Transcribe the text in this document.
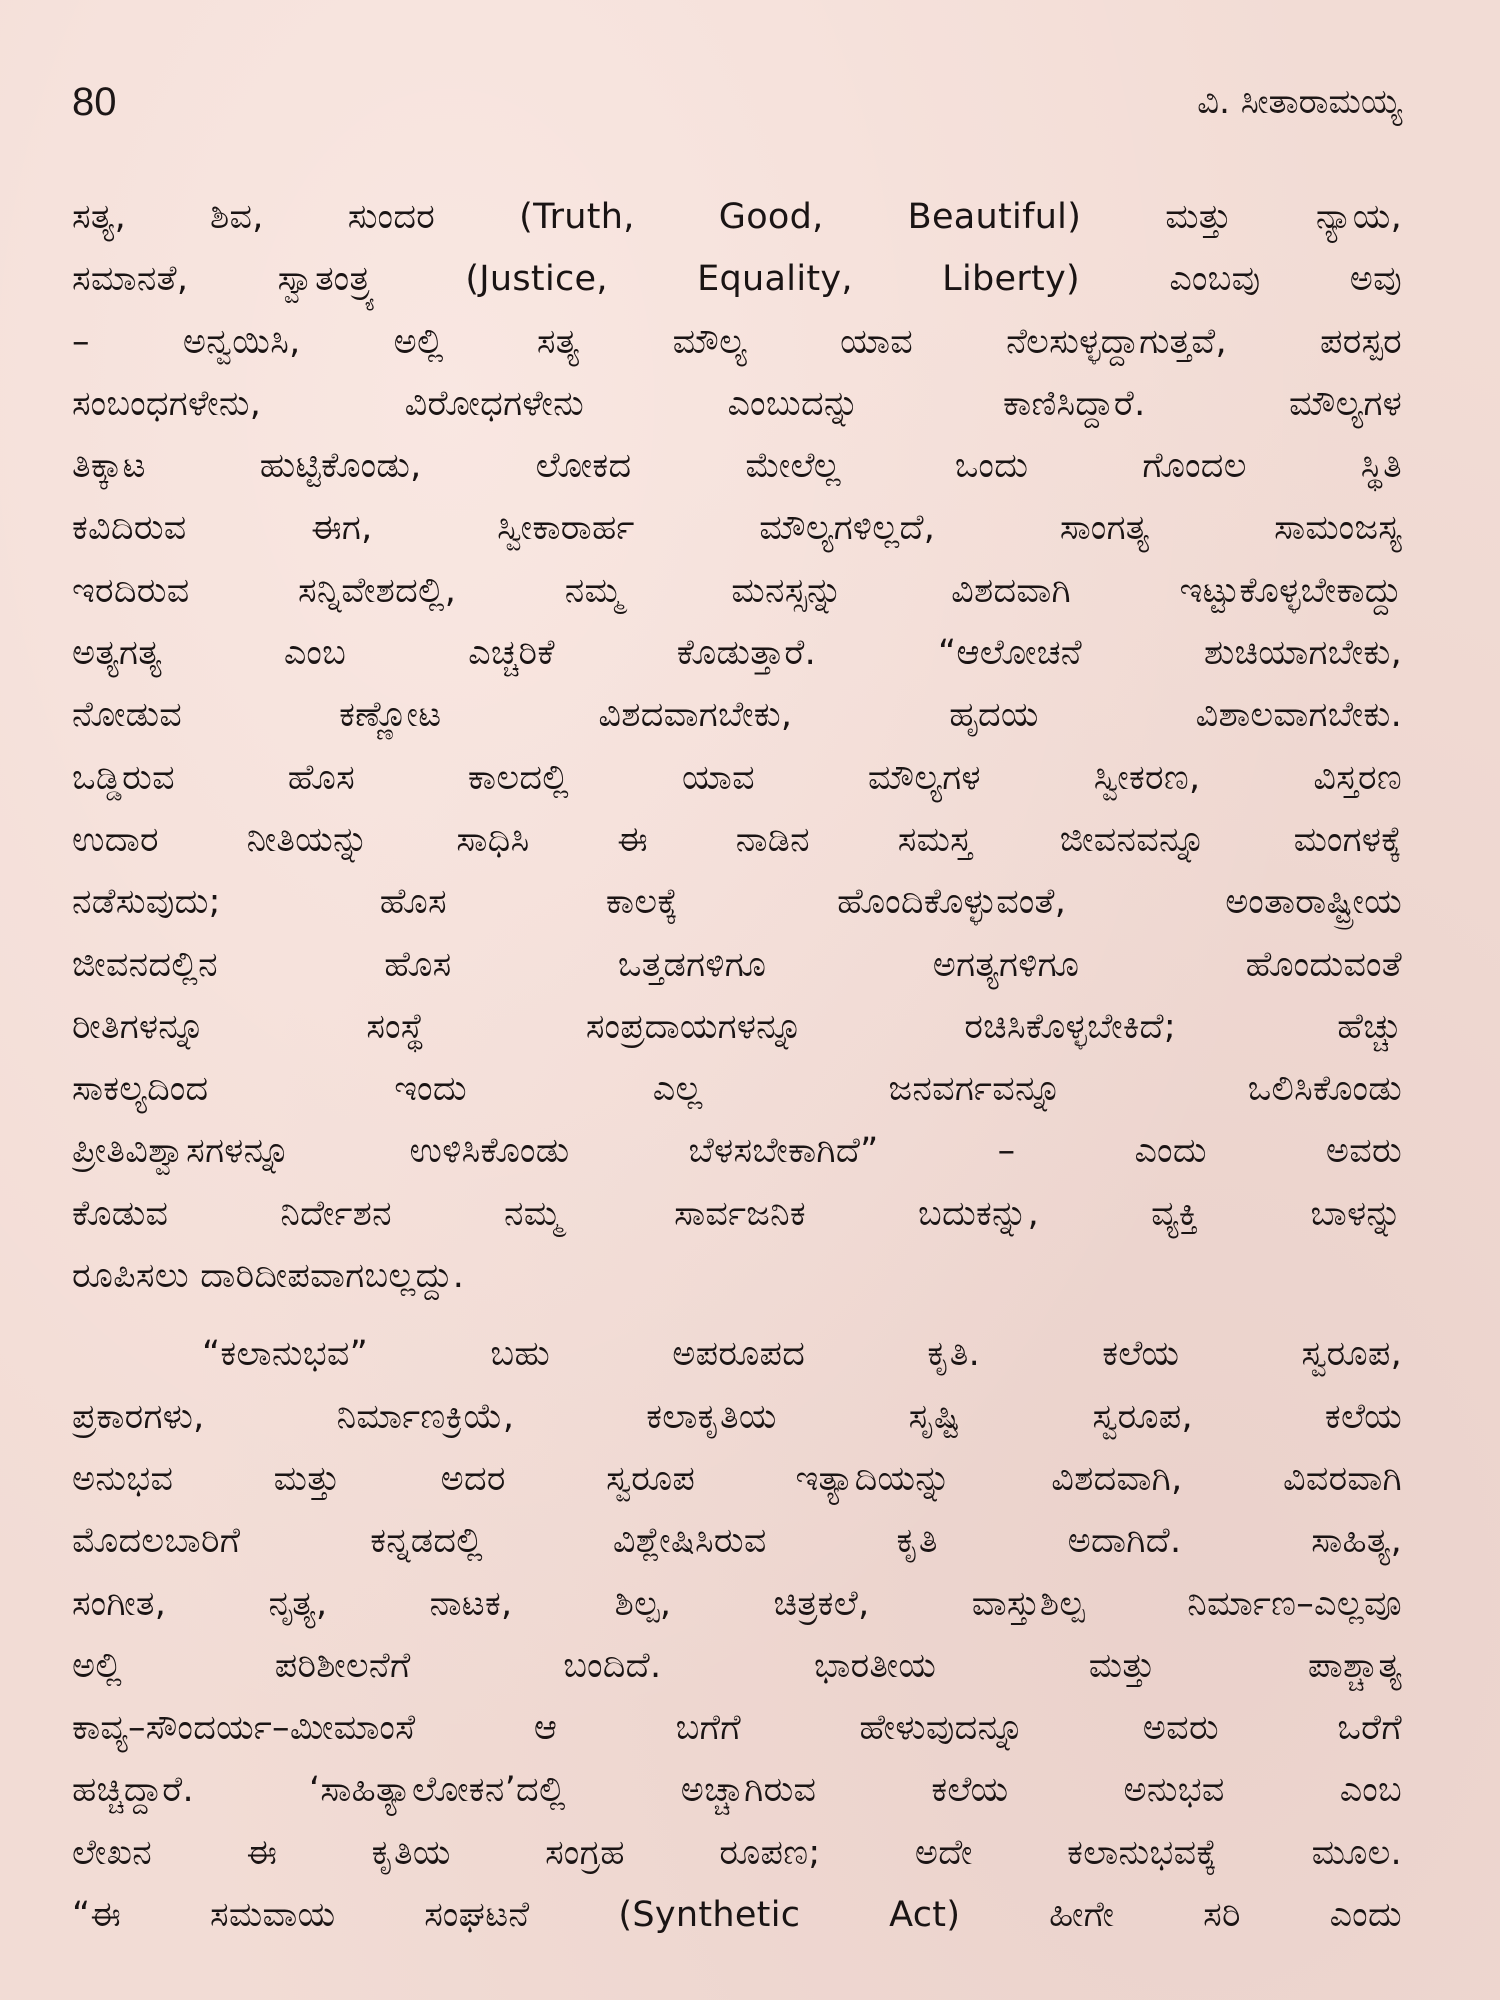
80	ವಿ. ಸೀತಾರಾಮಯ್ಯ
ಸತ್ಯ, ಶಿವ, ಸುಂದರ (Truth, Good, Beautiful) ಮತ್ತು ನ್ಯಾಯ,
ಸಮಾನತೆ, ಸ್ವಾತಂತ್ರ್ಯ (Justice, Equality, Liberty) ಎಂಬವು ಅವು
– ಅನ್ವಯಿಸಿ, ಅಲ್ಲಿ ಸತ್ಯ ಮೌಲ್ಯ ಯಾವ ನೆಲಸುಳ್ಳದ್ದಾಗುತ್ತವೆ, ಪರಸ್ಪರ
ಸಂಬಂಧಗಳೇನು, ವಿರೋಧಗಳೇನು ಎಂಬುದನ್ನು ಕಾಣಿಸಿದ್ದಾರೆ. ಮೌಲ್ಯಗಳ
ತಿಕ್ಕಾಟ ಹುಟ್ಟಿಕೊಂಡು, ಲೋಕದ ಮೇಲೆಲ್ಲ ಒಂದು ಗೊಂದಲ ಸ್ಥಿತಿ
ಕವಿದಿರುವ ಈಗ, ಸ್ವೀಕಾರಾರ್ಹ ಮೌಲ್ಯಗಳಿಲ್ಲದೆ, ಸಾಂಗತ್ಯ ಸಾಮಂಜಸ್ಯ
ಇರದಿರುವ ಸನ್ನಿವೇಶದಲ್ಲಿ, ನಮ್ಮ ಮನಸ್ಸನ್ನು ವಿಶದವಾಗಿ ಇಟ್ಟುಕೊಳ್ಳಬೇಕಾದ್ದು
ಅತ್ಯಗತ್ಯ ಎಂಬ ಎಚ್ಚರಿಕೆ ಕೊಡುತ್ತಾರೆ. “ಆಲೋಚನೆ ಶುಚಿಯಾಗಬೇಕು,
ನೋಡುವ ಕಣ್ಣೋಟ ವಿಶದವಾಗಬೇಕು, ಹೃದಯ ವಿಶಾಲವಾಗಬೇಕು.
ಒಡ್ಡಿರುವ ಹೊಸ ಕಾಲದಲ್ಲಿ ಯಾವ ಮೌಲ್ಯಗಳ ಸ್ವೀಕರಣ, ವಿಸ್ತರಣ
ಉದಾರ ನೀತಿಯನ್ನು ಸಾಧಿಸಿ ಈ ನಾಡಿನ ಸಮಸ್ತ ಜೀವನವನ್ನೂ ಮಂಗಳಕ್ಕೆ
ನಡೆಸುವುದು; ಹೊಸ ಕಾಲಕ್ಕೆ ಹೊಂದಿಕೊಳ್ಳುವಂತೆ, ಅಂತಾರಾಷ್ಟ್ರೀಯ
ಜೀವನದಲ್ಲಿನ ಹೊಸ ಒತ್ತಡಗಳಿಗೂ ಅಗತ್ಯಗಳಿಗೂ ಹೊಂದುವಂತೆ
ರೀತಿಗಳನ್ನೂ ಸಂಸ್ಥೆ ಸಂಪ್ರದಾಯಗಳನ್ನೂ ರಚಿಸಿಕೊಳ್ಳಬೇಕಿದೆ; ಹೆಚ್ಚು
ಸಾಕಲ್ಯದಿಂದ ಇಂದು ಎಲ್ಲ ಜನವರ್ಗವನ್ನೂ ಒಲಿಸಿಕೊಂಡು
ಪ್ರೀತಿವಿಶ್ವಾಸಗಳನ್ನೂ ಉಳಿಸಿಕೊಂಡು ಬೆಳಸಬೇಕಾಗಿದೆ” – ಎಂದು ಅವರು
ಕೊಡುವ ನಿರ್ದೇಶನ ನಮ್ಮ ಸಾರ್ವಜನಿಕ ಬದುಕನ್ನು, ವ್ಯಕ್ತಿ ಬಾಳನ್ನು
ರೂಪಿಸಲು ದಾರಿದೀಪವಾಗಬಲ್ಲದ್ದು.
“ಕಲಾನುಭವ” ಬಹು ಅಪರೂಪದ ಕೃತಿ. ಕಲೆಯ ಸ್ವರೂಪ,
ಪ್ರಕಾರಗಳು, ನಿರ್ಮಾಣಕ್ರಿಯೆ, ಕಲಾಕೃತಿಯ ಸೃಷ್ಟಿ ಸ್ವರೂಪ, ಕಲೆಯ
ಅನುಭವ ಮತ್ತು ಅದರ ಸ್ವರೂಪ ಇತ್ಯಾದಿಯನ್ನು ವಿಶದವಾಗಿ, ವಿವರವಾಗಿ
ಮೊದಲಬಾರಿಗೆ ಕನ್ನಡದಲ್ಲಿ ವಿಶ್ಲೇಷಿಸಿರುವ ಕೃತಿ ಅದಾಗಿದೆ. ಸಾಹಿತ್ಯ,
ಸಂಗೀತ, ನೃತ್ಯ, ನಾಟಕ, ಶಿಲ್ಪ, ಚಿತ್ರಕಲೆ, ವಾಸ್ತುಶಿಲ್ಪ ನಿರ್ಮಾಣ–ಎಲ್ಲವೂ
ಅಲ್ಲಿ ಪರಿಶೀಲನೆಗೆ ಬಂದಿದೆ. ಭಾರತೀಯ ಮತ್ತು ಪಾಶ್ಚಾತ್ಯ
ಕಾವ್ಯ–ಸೌಂದರ್ಯ–ಮೀಮಾಂಸೆ ಆ ಬಗೆಗೆ ಹೇಳುವುದನ್ನೂ ಅವರು ಒರೆಗೆ
ಹಚ್ಚಿದ್ದಾರೆ. ‘ಸಾಹಿತ್ಯಾಲೋಕನ’ದಲ್ಲಿ ಅಚ್ಚಾಗಿರುವ ಕಲೆಯ ಅನುಭವ ಎಂಬ
ಲೇಖನ ಈ ಕೃತಿಯ ಸಂಗ್ರಹ ರೂಪಣ; ಅದೇ ಕಲಾನುಭವಕ್ಕೆ ಮೂಲ.
“ಈ ಸಮವಾಯ ಸಂಘಟನೆ (Synthetic Act) ಹೀಗೇ ಸರಿ ಎಂದು
